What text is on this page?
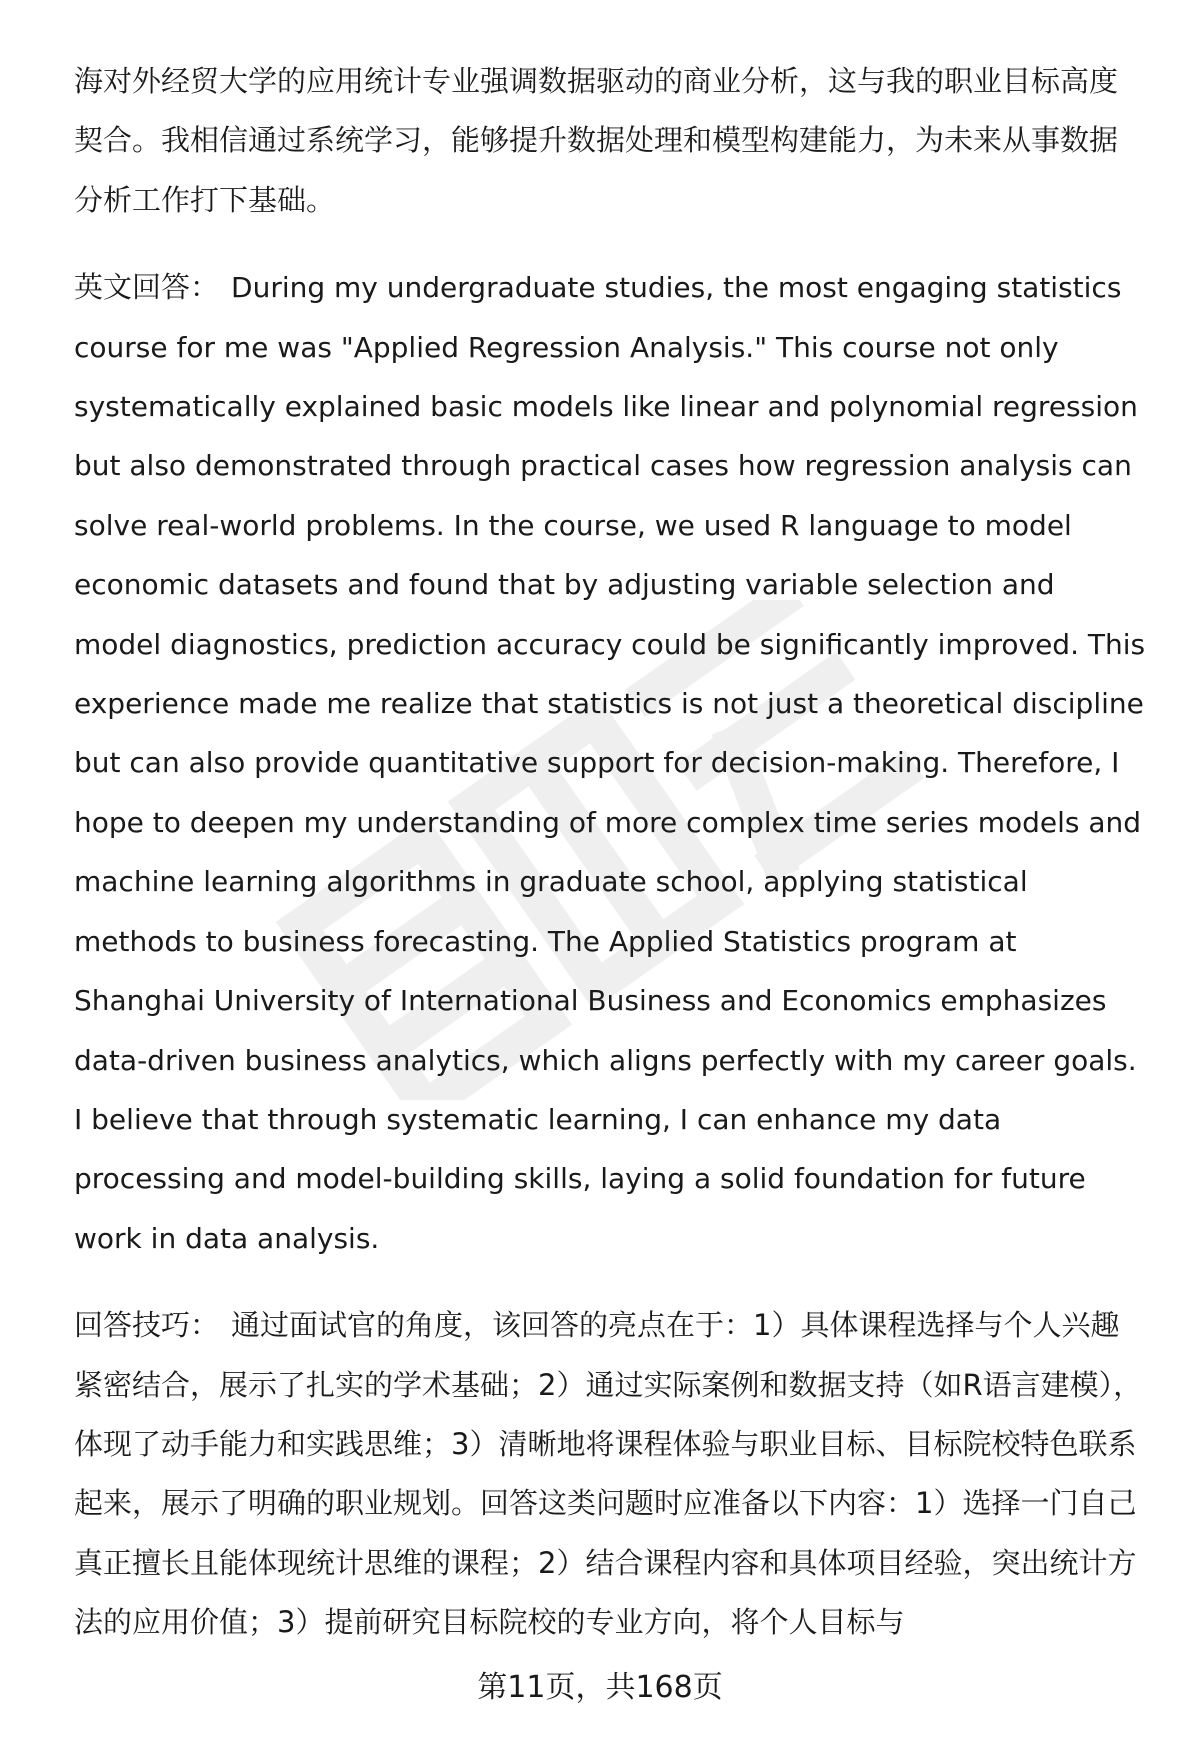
海对外经贸大学的应用统计专业强调数据驱动的商业分析，这与我的职业目标高度契合。我相信通过系统学习，能够提升数据处理和模型构建能力，为未来从事数据分析工作打下基础。

英文回答： During my undergraduate studies, the most engaging statistics course for me was "Applied Regression Analysis." This course not only systematically explained basic models like linear and polynomial regression but also demonstrated through practical cases how regression analysis can solve real-world problems. In the course, we used R language to model economic datasets and found that by adjusting variable selection and model diagnostics, prediction accuracy could be significantly improved. This experience made me realize that statistics is not just a theoretical discipline but can also provide quantitative support for decision-making. Therefore, I hope to deepen my understanding of more complex time series models and machine learning algorithms in graduate school, applying statistical methods to business forecasting. The Applied Statistics program at Shanghai University of International Business and Economics emphasizes data-driven business analytics, which aligns perfectly with my career goals. I believe that through systematic learning, I can enhance my data processing and model-building skills, laying a solid foundation for future work in data analysis.

回答技巧： 通过面试官的角度，该回答的亮点在于：1）具体课程选择与个人兴趣紧密结合，展示了扎实的学术基础；2）通过实际案例和数据支持（如R语言建模），体现了动手能力和实践思维；3）清晰地将课程体验与职业目标、目标院校特色联系起来，展示了明确的职业规划。回答这类问题时应准备以下内容：1）选择一门自己真正擅长且能体现统计思维的课程；2）结合课程内容和具体项目经验，突出统计方法的应用价值；3）提前研究目标院校的专业方向，将个人目标与

第11页，共168页
